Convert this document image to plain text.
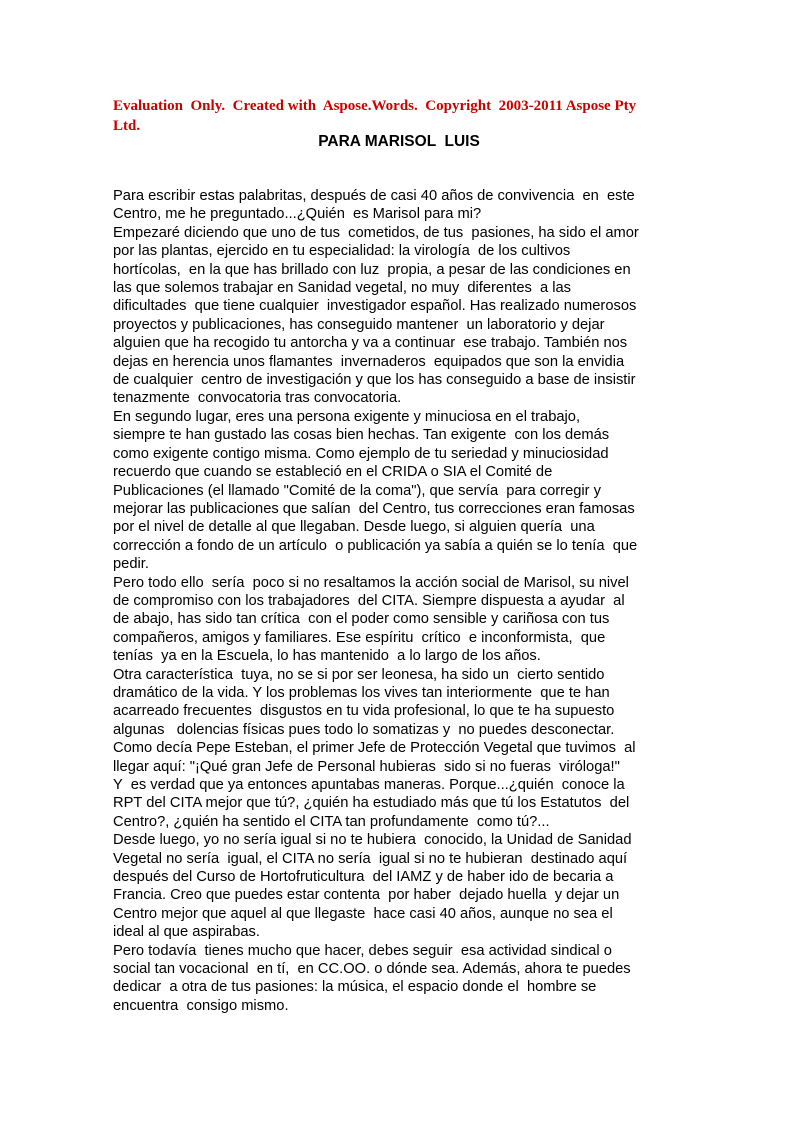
Evaluation  Only.  Created with  Aspose.Words.  Copyright  2003-2011 Aspose Pty
Ltd.
PARA MARISOL  LUIS
Para escribir estas palabritas, después de casi 40 años de convivencia  en  este
Centro, me he preguntado...¿Quién  es Marisol para mi?
Empezaré diciendo que uno de tus  cometidos, de tus  pasiones, ha sido el amor
por las plantas, ejercido en tu especialidad: la virología  de los cultivos
hortícolas,  en la que has brillado con luz  propia, a pesar de las condiciones en
las que solemos trabajar en Sanidad vegetal, no muy  diferentes  a las
dificultades  que tiene cualquier  investigador español. Has realizado numerosos
proyectos y publicaciones, has conseguido mantener  un laboratorio y dejar
alguien que ha recogido tu antorcha y va a continuar  ese trabajo. También nos
dejas en herencia unos flamantes  invernaderos  equipados que son la envidia
de cualquier  centro de investigación y que los has conseguido a base de insistir
tenazmente  convocatoria tras convocatoria.
En segundo lugar, eres una persona exigente y minuciosa en el trabajo,
siempre te han gustado las cosas bien hechas. Tan exigente  con los demás
como exigente contigo misma. Como ejemplo de tu seriedad y minuciosidad
recuerdo que cuando se estableció en el CRIDA o SIA el Comité de
Publicaciones (el llamado "Comité de la coma"), que servía  para corregir y
mejorar las publicaciones que salían  del Centro, tus correcciones eran famosas
por el nivel de detalle al que llegaban. Desde luego, si alguien quería  una
corrección a fondo de un artículo  o publicación ya sabía a quién se lo tenía  que
pedir.
Pero todo ello  sería  poco si no resaltamos la acción social de Marisol, su nivel
de compromiso con los trabajadores  del CITA. Siempre dispuesta a ayudar  al
de abajo, has sido tan crítica  con el poder como sensible y cariñosa con tus
compañeros, amigos y familiares. Ese espíritu  crítico  e inconformista,  que
tenías  ya en la Escuela, lo has mantenido  a lo largo de los años.
Otra característica  tuya, no se si por ser leonesa, ha sido un  cierto sentido
dramático de la vida. Y los problemas los vives tan interiormente  que te han
acarreado frecuentes  disgustos en tu vida profesional, lo que te ha supuesto
algunas   dolencias físicas pues todo lo somatizas y  no puedes desconectar.
Como decía Pepe Esteban, el primer Jefe de Protección Vegetal que tuvimos  al
llegar aquí: "¡Qué gran Jefe de Personal hubieras  sido si no fueras  viróloga!"
Y  es verdad que ya entonces apuntabas maneras. Porque...¿quién  conoce la
RPT del CITA mejor que tú?, ¿quién ha estudiado más que tú los Estatutos  del
Centro?, ¿quién ha sentido el CITA tan profundamente  como tú?...
Desde luego, yo no sería igual si no te hubiera  conocido, la Unidad de Sanidad
Vegetal no sería  igual, el CITA no sería  igual si no te hubieran  destinado aquí
después del Curso de Hortofruticultura  del IAMZ y de haber ido de becaria a
Francia. Creo que puedes estar contenta  por haber  dejado huella  y dejar un
Centro mejor que aquel al que llegaste  hace casi 40 años, aunque no sea el
ideal al que aspirabas.
Pero todavía  tienes mucho que hacer, debes seguir  esa actividad sindical o
social tan vocacional  en tí,  en CC.OO. o dónde sea. Además, ahora te puedes
dedicar  a otra de tus pasiones: la música, el espacio donde el  hombre se
encuentra  consigo mismo.
